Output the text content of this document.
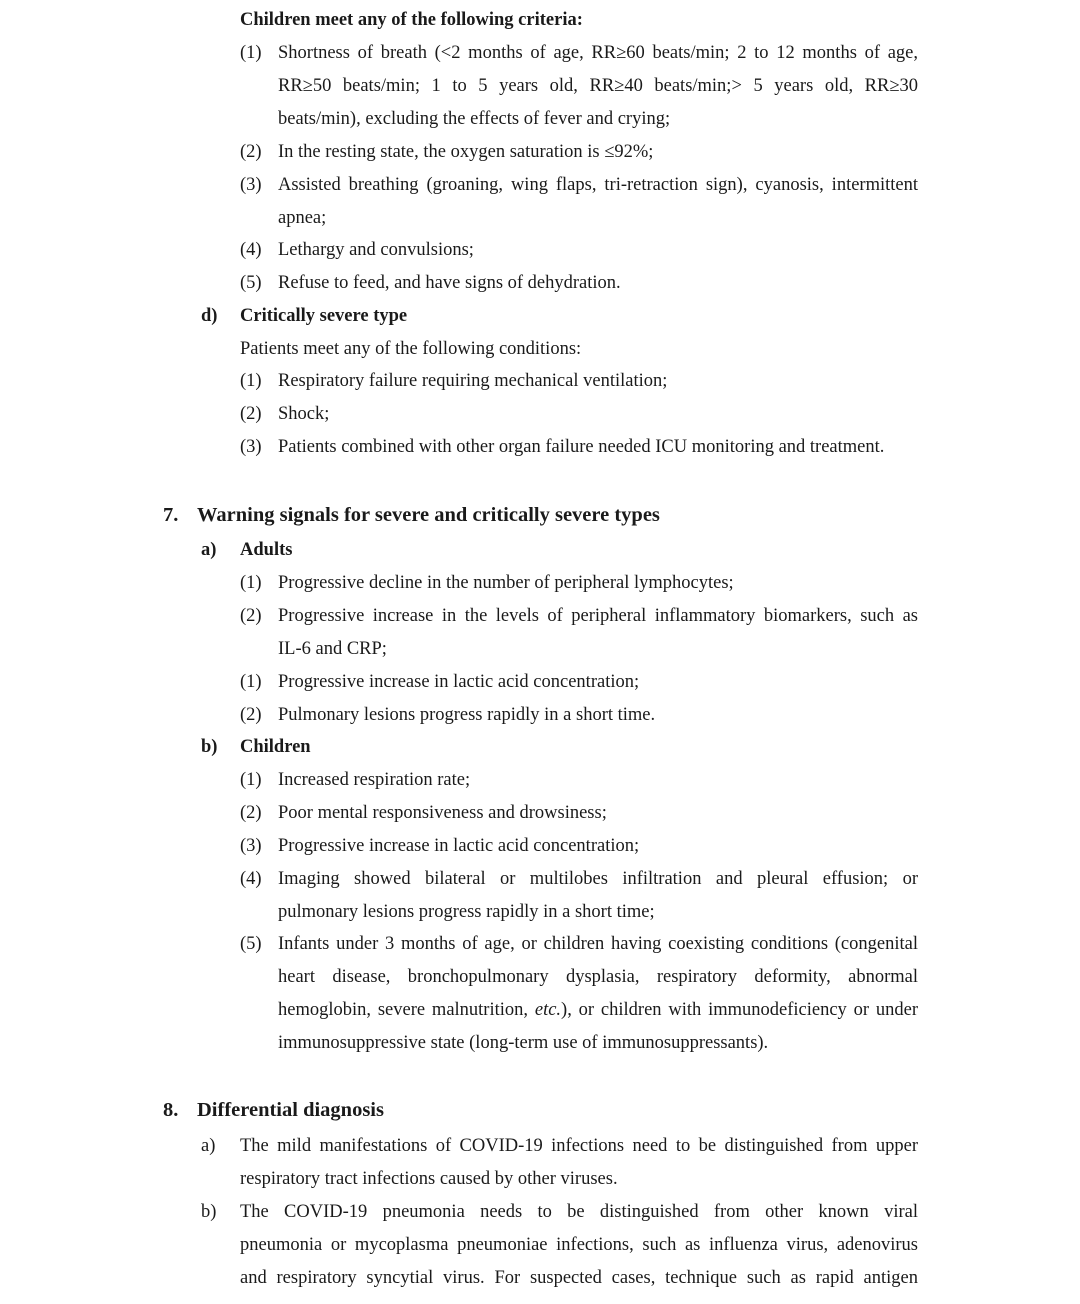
Children meet any of the following criteria:
(1) Shortness of breath (<2 months of age, RR≥60 beats/min; 2 to 12 months of age,
RR≥50 beats/min; 1 to 5 years old, RR≥40 beats/min;> 5 years old, RR≥30
beats/min), excluding the effects of fever and crying;
(2) In the resting state, the oxygen saturation is ≤92%;
(3) Assisted breathing (groaning, wing flaps, tri-retraction sign), cyanosis, intermittent
apnea;
(4) Lethargy and convulsions;
(5) Refuse to feed, and have signs of dehydration.
d) Critically severe type
Patients meet any of the following conditions:
(1) Respiratory failure requiring mechanical ventilation;
(2) Shock;
(3) Patients combined with other organ failure needed ICU monitoring and treatment.
7. Warning signals for severe and critically severe types
a) Adults
(1) Progressive decline in the number of peripheral lymphocytes;
(2) Progressive increase in the levels of peripheral inflammatory biomarkers, such as
IL-6 and CRP;
(1) Progressive increase in lactic acid concentration;
(2) Pulmonary lesions progress rapidly in a short time.
b) Children
(1) Increased respiration rate;
(2) Poor mental responsiveness and drowsiness;
(3) Progressive increase in lactic acid concentration;
(4) Imaging showed bilateral or multilobes infiltration and pleural effusion; or
pulmonary lesions progress rapidly in a short time;
(5) Infants under 3 months of age, or children having coexisting conditions (congenital
heart disease, bronchopulmonary dysplasia, respiratory deformity, abnormal
hemoglobin, severe malnutrition, etc.), or children with immunodeficiency or under
immunosuppressive state (long-term use of immunosuppressants).
8. Differential diagnosis
a) The mild manifestations of COVID-19 infections need to be distinguished from upper
respiratory tract infections caused by other viruses.
b) The COVID-19 pneumonia needs to be distinguished from other known viral
pneumonia or mycoplasma pneumoniae infections, such as influenza virus, adenovirus
and respiratory syncytial virus. For suspected cases, technique such as rapid antigen
